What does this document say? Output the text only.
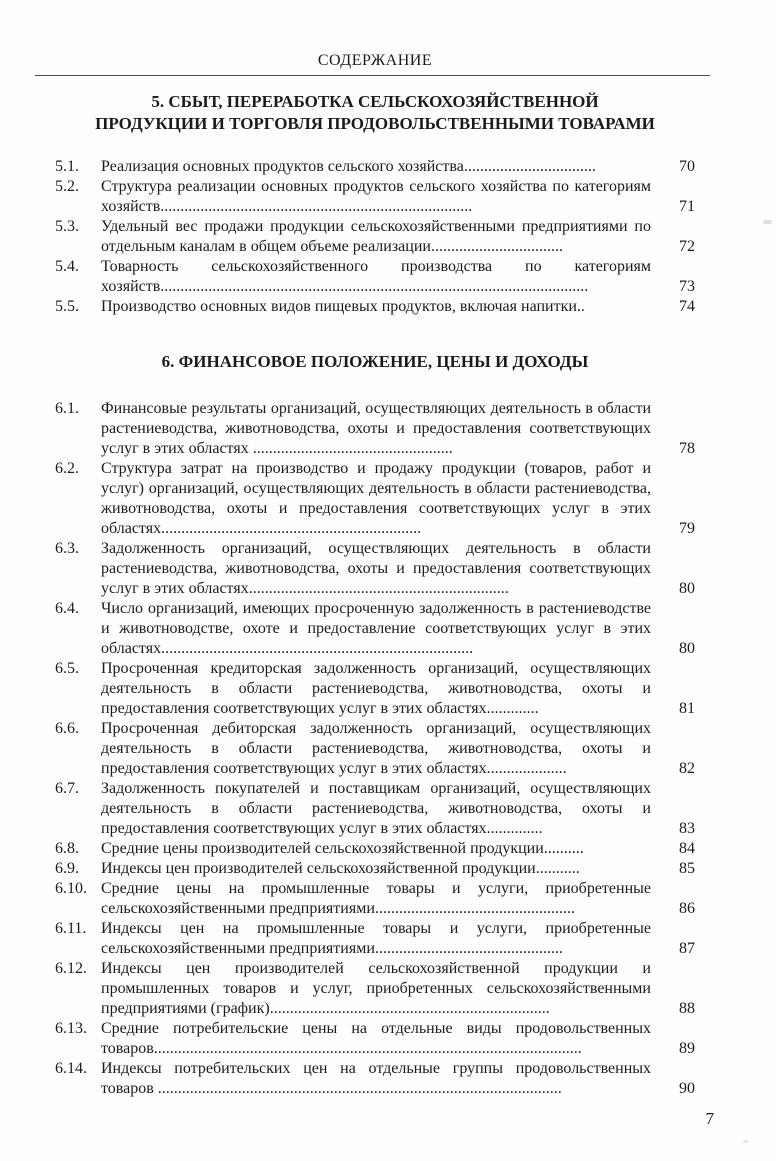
СОДЕРЖАНИЕ
5. СБЫТ, ПЕРЕРАБОТКА СЕЛЬСКОХОЗЯЙСТВЕННОЙ ПРОДУКЦИИ И ТОРГОВЛЯ ПРОДОВОЛЬСТВЕННЫМИ ТОВАРАМИ
5.1.	Реализация основных продуктов сельского хозяйства.................................	70
5.2.	Структура реализации основных продуктов сельского хозяйства по категориям хозяйств..............................................................................	71
5.3.	Удельный вес продажи продукции сельскохозяйственными предприятиями по отдельным каналам в общем объеме реализации.................................	72
5.4.	Товарность сельскохозяйственного производства по категориям хозяйств...........................................................................................................	73
5.5.	Производство основных видов пищевых продуктов, включая напитки..	74
6. ФИНАНСОВОЕ ПОЛОЖЕНИЕ, ЦЕНЫ И ДОХОДЫ
6.1.	Финансовые результаты организаций, осуществляющих деятельность в области растениеводства, животноводства, охоты и предоставления соответствующих услуг в этих областях ..................................................	78
6.2.	Структура затрат на производство и продажу продукции (товаров, работ и услуг) организаций, осуществляющих деятельность в области растениеводства, животноводства, охоты и предоставления соответствующих услуг в этих областях.................................................................	79
6.3.	Задолженность организаций, осуществляющих деятельность в области растениеводства, животноводства, охоты и предоставления соответствующих услуг в этих областях.................................................................	80
6.4.	Число организаций, имеющих просроченную задолженность в растениеводстве и животноводстве, охоте и предоставление соответствующих услуг в этих областях..............................................................................	80
6.5.	Просроченная кредиторская задолженность организаций, осуществляющих деятельность в области растениеводства, животноводства, охоты и предоставления соответствующих услуг в этих областях.............	81
6.6.	Просроченная дебиторская задолженность организаций, осуществляющих деятельность в области растениеводства, животноводства, охоты и предоставления соответствующих услуг в этих областях....................	82
6.7.	Задолженность покупателей и поставщикам организаций, осуществляющих деятельность в области растениеводства, животноводства, охоты и предоставления соответствующих услуг в этих областях..............	83
6.8.	Средние цены производителей сельскохозяйственной продукции..........	84
6.9.	Индексы цен производителей сельскохозяйственной продукции...........	85
6.10. Средние цены на промышленные товары и услуги, приобретенные сельскохозяйственными предприятиями..................................................	86
6.11. Индексы цен на промышленные товары и услуги, приобретенные сельскохозяйственными предприятиями...............................................	87
6.12. Индексы цен производителей сельскохозяйственной продукции и промышленных товаров и услуг, приобретенных сельскохозяйственными предприятиями (график)......................................................................	88
6.13. Средние потребительские цены на отдельные виды продовольственных товаров...........................................................................................................	89
6.14. Индексы потребительских цен на отдельные группы продовольственных товаров .....................................................................................................	90
7
